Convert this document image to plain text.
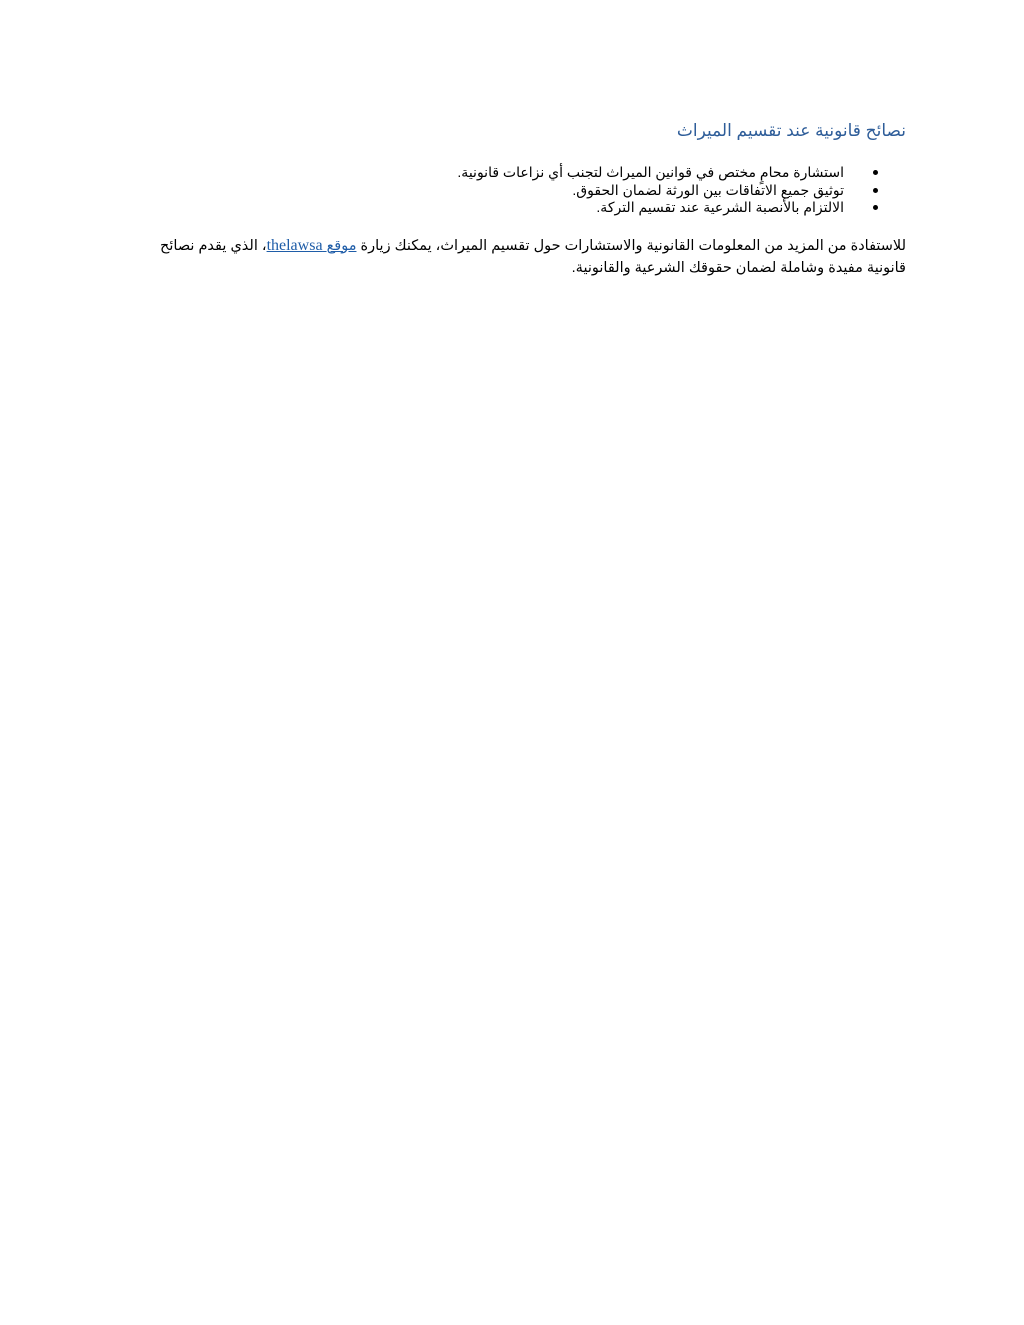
نصائح قانونية عند تقسيم الميراث
استشارة محامٍ مختص في قوانين الميراث لتجنب أي نزاعات قانونية.
توثيق جميع الاتفاقات بين الورثة لضمان الحقوق.
الالتزام بالأنصبة الشرعية عند تقسيم التركة.

للاستفادة من المزيد من المعلومات القانونية والاستشارات حول تقسيم الميراث، يمكنك زيارة موقع thelawsa، الذي يقدم نصائح قانونية مفيدة وشاملة لضمان حقوقك الشرعية والقانونية.
